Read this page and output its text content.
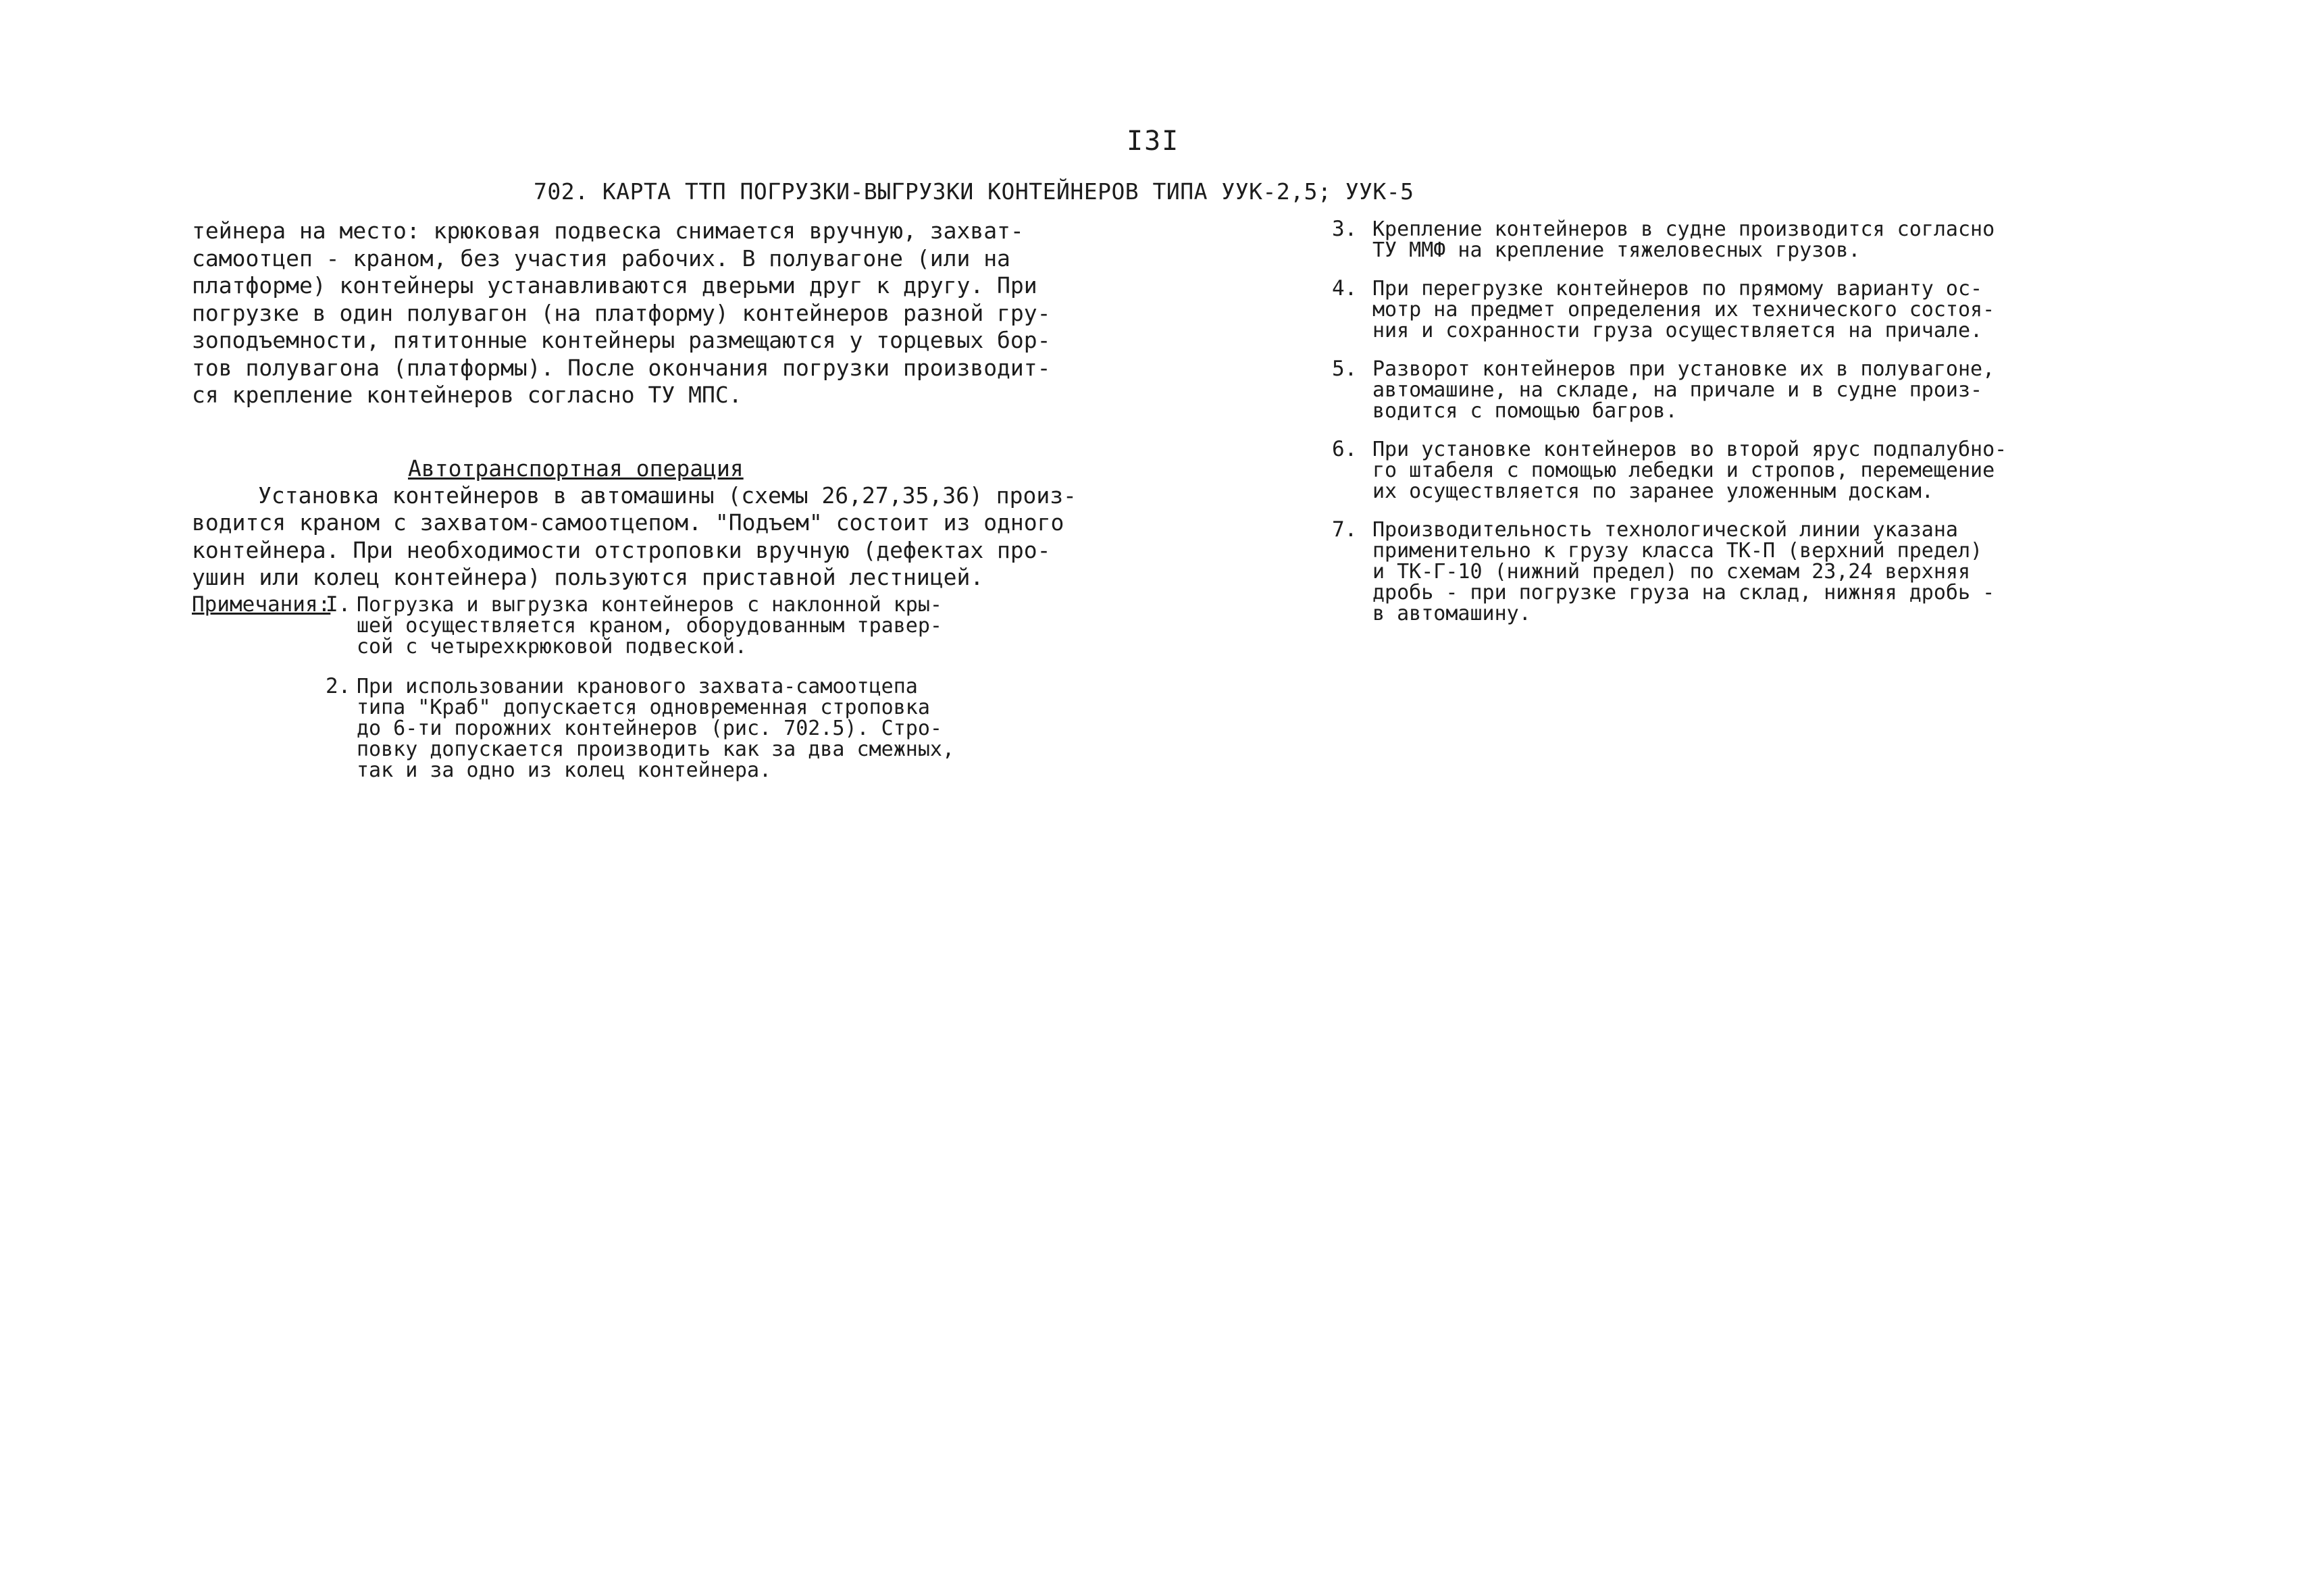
I3I
702. КАРТА ТТП ПОГРУЗКИ-ВЫГРУЗКИ КОНТЕЙНЕРОВ ТИПА УУК-2,5; УУК-5
тейнера на место: крюковая подвеска снимается вручную, захват-
самоотцеп - краном, без участия рабочих. В полувагоне (или на
платформе) контейнеры устанавливаются дверьми друг к другу. При
погрузке в один полувагон (на платформу) контейнеров разной гру-
зоподъемности, пятитонные контейнеры размещаются у торцевых бор-
тов полувагона (платформы). После окончания погрузки производит-
ся крепление контейнеров согласно ТУ МПС.
Автотранспортная операция
Установка контейнеров в автомашины (схемы 26,27,35,36) произ-
водится краном с захватом-самоотцепом. "Подъем" состоит из одного
контейнера. При необходимости отстроповки вручную (дефектах про-
ушин или колец контейнера) пользуются приставной лестницей.
Примечания:
I. Погрузка и выгрузка контейнеров с наклонной кры-
шей осуществляется краном, оборудованным травер-
сой с четырехкрюковой подвеской.
2. При использовании кранового захвата-самоотцепа
типа "Краб" допускается одновременная строповка
до 6-ти порожних контейнеров (рис. 702.5). Стро-
повку допускается производить как за два смежных,
так и за одно из колец контейнера.
3. Крепление контейнеров в судне производится согласно
ТУ ММФ на крепление тяжеловесных грузов.
4. При перегрузке контейнеров по прямому варианту ос-
мотр на предмет определения их технического состоя-
ния и сохранности груза осуществляется на причале.
5. Разворот контейнеров при установке их в полувагоне,
автомашине, на складе, на причале и в судне произ-
водится с помощью багров.
6. При установке контейнеров во второй ярус подпалубно-
го штабеля с помощью лебедки и стропов, перемещение
их осуществляется по заранее уложенным доскам.
7. Производительность технологической линии указана
применительно к грузу класса ТК-П (верхний предел)
и ТК-Г-10 (нижний предел) по схемам 23,24 верхняя
дробь - при погрузке груза на склад, нижняя дробь -
в автомашину.
